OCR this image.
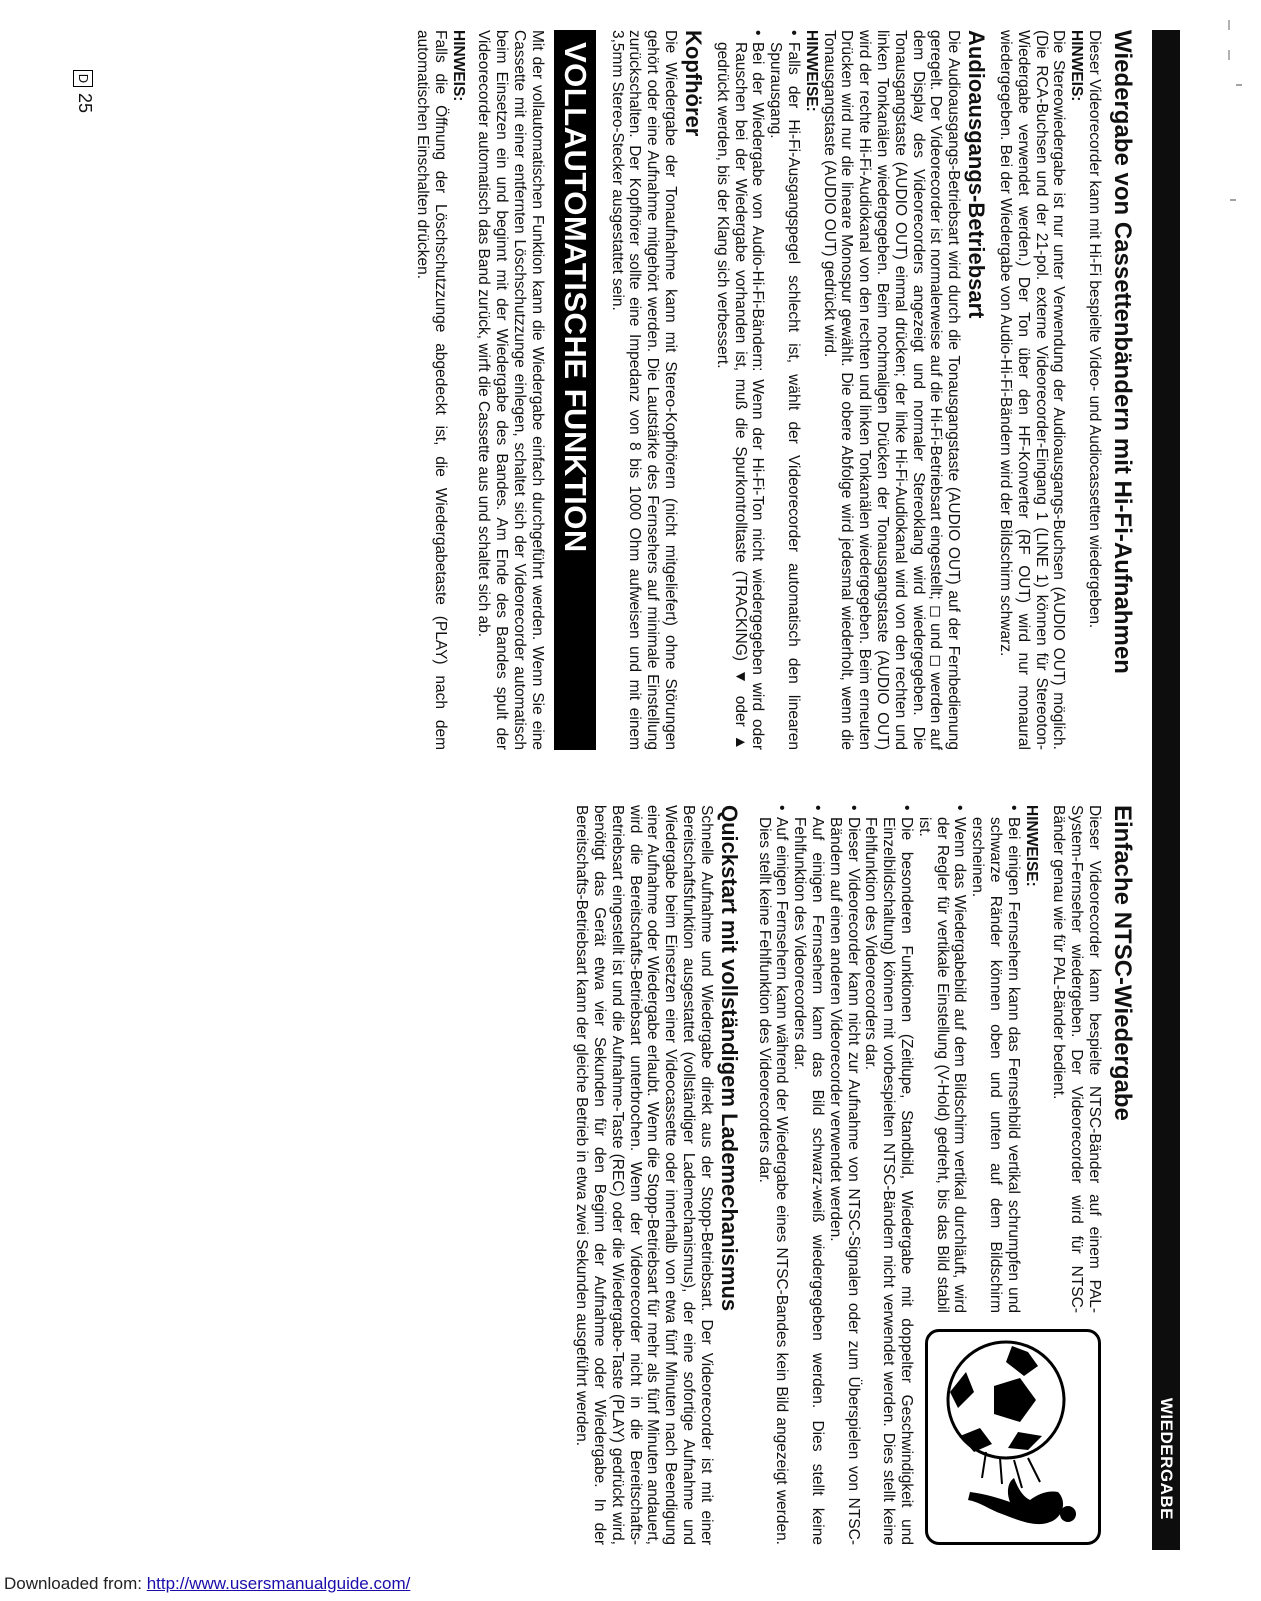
WIEDERGABE
Wiedergabe von Cassettenbändern mit Hi-Fi-Aufnahmen

Dieser Videorecorder kann mit Hi-Fi bespielte Video- und Audiocassetten wiedergeben.

HINWEIS:

Die Stereowiedergabe ist nur unter Verwendung der Audioausgangs-Buchsen (AUDIO OUT) möglich. (Die RCA-Buchsen und der 21-pol. externe Videorecorder-Eingang 1 (LINE 1) können für Stereoton-Wiedergabe verwendet werden.) Der Ton über den HF-Konverter (RF OUT) wird nur monaural wiedergegeben. Bei der Wiedergabe von Audio-Hi-Fi-Bändern wird der Bildschirm schwarz.

Audioausgangs-Betriebsart

Die Audioausgangs-Betriebsart wird durch die Tonausgangstaste (AUDIO OUT) auf der Fernbedienung geregelt. Der Videorecorder ist normalerweise auf die Hi-Fi-Betriebsart eingestellt; ◻ und ◻ werden auf dem Display des Videorecorders angezeigt und normaler Stereoklang wird wiedergegeben. Die Tonausgangstaste (AUDIO OUT) einmal drücken; der linke Hi-Fi-Audiokanal wird von den rechten und linken Tonkanälen wiedergegeben. Beim nochmaligen Drücken der Tonausgangstaste (AUDIO OUT) wird der rechte Hi-Fi-Audiokanal von den rechten und linken Tonkanälen wiedergegeben. Beim erneuten Drücken wird nur die lineare Monospur gewählt. Die obere Abfolge wird jedesmal wiederholt, wenn die Tonausgangstaste (AUDIO OUT) gedrückt wird.

HINWEISE:

• Falls der Hi-Fi-Ausgangspegel schlecht ist, wählt der Videorecorder automatisch den linearen Spurausgang.
• Bei der Wiedergabe von Audio-Hi-Fi-Bändern: Wenn der Hi-Fi-Ton nicht wiedergegeben wird oder Rauschen bei der Wiedergabe vorhanden ist, muß die Spurkontrolltaste (TRACKING) ▼ oder ▲ gedrückt werden, bis der Klang sich verbessert.
Kopfhörer

Die Wiedergabe der Tonaufnahme kann mit Stereo-Kopfhörern (nicht mitgeliefert) ohne Störungen gehört oder eine Aufnahme mitgehört werden. Die Lautstärke des Fernsehers auf minimale Einstellung zurückschalten. Der Kopfhörer sollte eine Impedanz von 8 bis 1000 Ohm aufweisen und mit einem 3,5mm Stereo-Stecker ausgestattet sein.

VOLLAUTOMATISCHE FUNKTION

Mit der vollautomatischen Funktion kann die Wiedergabe einfach durchgeführt werden. Wenn Sie eine Cassette mit einer entfernten Löschschutzzunge einlegen, schaltet sich der Videorecorder automatisch beim Einsetzen ein und beginnt mit der Wiedergabe des Bandes. Am Ende des Bandes spult der Videorecorder automatisch das Band zurück, wirft die Cassette aus und schaltet sich ab.

HINWEIS:

Falls die Öffnung der Löschschutzzunge abgedeckt ist, die Wiedergabetaste (PLAY) nach dem automatischen Einschalten drücken.

Einfache NTSC-Wiedergabe

Dieser Videorecorder kann bespielte NTSC-Bänder auf einem PAL-System-Fernseher wiedergeben. Der Videorecorder wird für NTSC-Bänder genau wie für PAL-Bänder bedient.

HINWEISE:

• Bei einigen Fernsehern kann das Fernsehbild vertikal schrumpfen und schwarze Ränder können oben und unten auf dem Bildschirm erscheinen.
• Wenn das Wiedergabebild auf dem Bildschirm vertikal durchläuft, wird der Regler für vertikale Einstellung (V-Hold) gedreht, bis das Bild stabil ist.
• Die besonderen Funktionen (Zeitlupe, Standbild, Wiedergabe mit doppelter Geschwindigkeit und Einzelbildschaltung) können mit vorbespielten NTSC-Bändern nicht verwendet werden. Dies stellt keine Fehlfunktion des Videorecorders dar.
• Dieser Videorecorder kann nicht zur Aufnahme von NTSC-Signalen oder zum Überspielen von NTSC-Bändern auf einen anderen Videorecorder verwendet werden.
• Auf einigen Fernsehern kann das Bild schwarz-weiß wiedergegeben werden. Dies stellt keine Fehlfunktion des Videorecorders dar.
• Auf einigen Fernsehern kann während der Wiedergabe eines NTSC-Bandes kein Bild angezeigt werden. Dies stellt keine Fehlfunktion des Videorecorders dar.
Quickstart mit vollständigem Lademechanismus

Schnelle Aufnahme und Wiedergabe direkt aus der Stopp-Betriebsart. Der Videorecorder ist mit einer Bereitschaftsfunktion ausgestattet (vollständiger Lademechanismus), der eine sofortige Aufnahme und Wiedergabe beim Einsetzen einer Videocassette oder innerhalb von etwa fünf Minuten nach Beendigung einer Aufnahme oder Wiedergabe erlaubt. Wenn die Stopp-Betriebsart für mehr als fünf Minuten andauert, wird die Bereitschafts-Betriebsart unterbrochen. Wenn der Videorecorder nicht in die Bereitschafts-Betriebsart eingestellt ist und die Aufnahme-Taste (REC) oder die Wiedergabe-Taste (PLAY) gedrückt wird, benötigt das Gerät etwa vier Sekunden für den Beginn der Aufnahme oder Wiedergabe. In der Bereitschafts-Betriebsart kann der gleiche Betrieb in etwa zwei Sekunden ausgeführt werden.

D25
Downloaded from: http://www.usersmanualguide.com/
